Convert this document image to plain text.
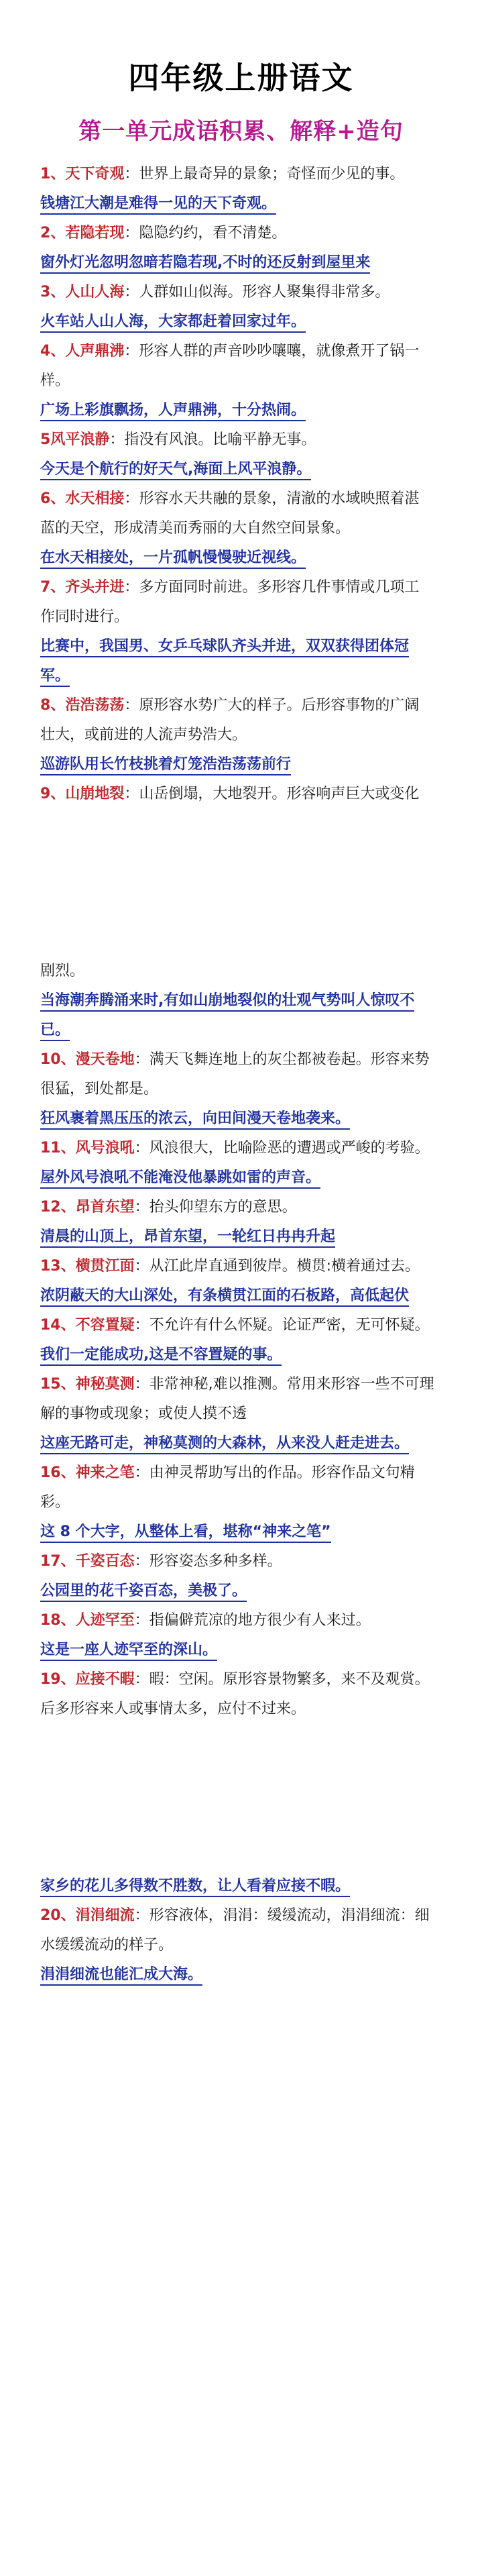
四年级上册语文
第一单元成语积累、解释+造句

1、天下奇观：世界上最奇异的景象；奇怪而少见的事。

钱塘江大潮是难得一见的天下奇观。

2、若隐若现：隐隐约约，看不清楚。

窗外灯光忽明忽暗若隐若现,不时的还反射到屋里来

3、人山人海：人群如山似海。形容人聚集得非常多。

火车站人山人海，大家都赶着回家过年。

4、人声鼎沸：形容人群的声音吵吵嚷嚷，就像煮开了锅一

样。

广场上彩旗飘扬，人声鼎沸，十分热闹。

5风平浪静：指没有风浪。比喻平静无事。

今天是个航行的好天气,海面上风平浪静。

6、水天相接：形容水天共融的景象，清澈的水域映照着湛

蓝的天空，形成清美而秀丽的大自然空间景象。

在水天相接处，一片孤帆慢慢驶近视线。

7、齐头并进：多方面同时前进。多形容几件事情或几项工

作同时进行。

比赛中，我国男、女乒乓球队齐头并进，双双获得团体冠

军。

8、浩浩荡荡：原形容水势广大的样子。后形容事物的广阔

壮大，或前进的人流声势浩大。

巡游队用长竹枝挑着灯笼浩浩荡荡前行

9、山崩地裂：山岳倒塌，大地裂开。形容响声巨大或变化

剧烈。

当海潮奔腾涌来时,有如山崩地裂似的壮观气势叫人惊叹不

已。

10、漫天卷地：满天飞舞连地上的灰尘都被卷起。形容来势

很猛，到处都是。

狂风裹着黑压压的浓云，向田间漫天卷地袭来。

11、风号浪吼：风浪很大，比喻险恶的遭遇或严峻的考验。

屋外风号浪吼不能淹没他暴跳如雷的声音。

12、昂首东望：抬头仰望东方的意思。

清晨的山顶上，昂首东望，一轮红日冉冉升起

13、横贯江面：从江此岸直通到彼岸。横贯:横着通过去。

浓阴蔽天的大山深处，有条横贯江面的石板路，高低起伏

14、不容置疑：不允许有什么怀疑。论证严密，无可怀疑。

我们一定能成功,这是不容置疑的事。

15、神秘莫测：非常神秘,难以推测。常用来形容一些不可理

解的事物或现象；或使人摸不透

这座无路可走，神秘莫测的大森林，从来没人赶走进去。

16、神来之笔：由神灵帮助写出的作品。形容作品文句精

彩。

这 8 个大字，从整体上看，堪称“神来之笔”

17、千姿百态：形容姿态多种多样。

公园里的花千姿百态，美极了。

18、人迹罕至：指偏僻荒凉的地方很少有人来过。

这是一座人迹罕至的深山。

19、应接不暇：暇：空闲。原形容景物繁多，来不及观赏。

后多形容来人或事情太多，应付不过来。

家乡的花儿多得数不胜数，让人看着应接不暇。

20、涓涓细流：形容液体，涓涓：缓缓流动，涓涓细流：细

水缓缓流动的样子。

涓涓细流也能汇成大海。
